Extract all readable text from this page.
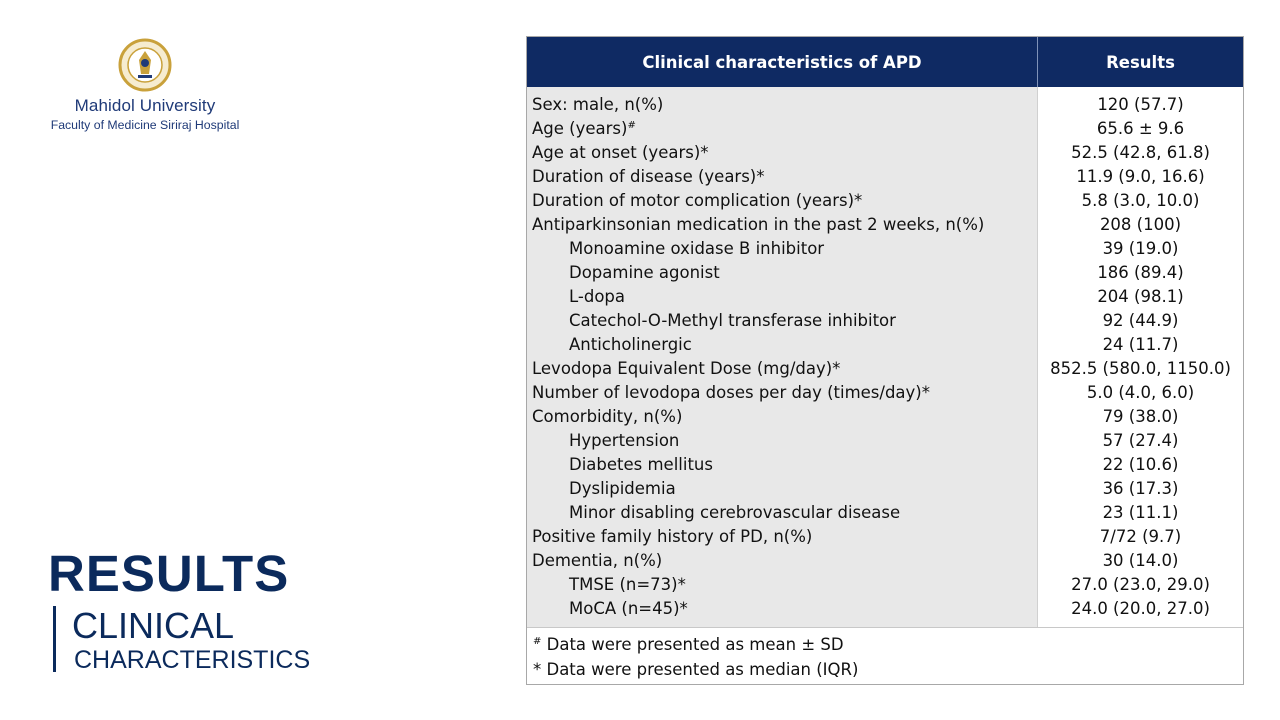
Mahidol University
Faculty of Medicine Siriraj Hospital
RESULTS
CLINICAL
CHARACTERISTICS
Clinical characteristics of APD	Results
Sex: male, n(%)
Age (years)#
Age at onset (years)*
Duration of disease (years)*
Duration of motor complication (years)*
Antiparkinsonian medication in the past 2 weeks, n(%)
Monoamine oxidase B inhibitor
Dopamine agonist
L-dopa
Catechol-O-Methyl transferase inhibitor
Anticholinergic
Levodopa Equivalent Dose (mg/day)*
Number of levodopa doses per day (times/day)*
Comorbidity, n(%)
Hypertension
Diabetes mellitus
Dyslipidemia
Minor disabling cerebrovascular disease
Positive family history of PD, n(%)
Dementia, n(%)
TMSE (n=73)*
MoCA (n=45)*
120 (57.7)
65.6 ± 9.6
52.5 (42.8, 61.8)
11.9 (9.0, 16.6)
5.8 (3.0, 10.0)
208 (100)
39 (19.0)
186 (89.4)
204 (98.1)
92 (44.9)
24 (11.7)
852.5 (580.0, 1150.0)
5.0 (4.0, 6.0)
79 (38.0)
57 (27.4)
22 (10.6)
36 (17.3)
23 (11.1)
7/72 (9.7)
30 (14.0)
27.0 (23.0, 29.0)
24.0 (20.0, 27.0)
# Data were presented as mean ± SD
* Data were presented as median (IQR)
